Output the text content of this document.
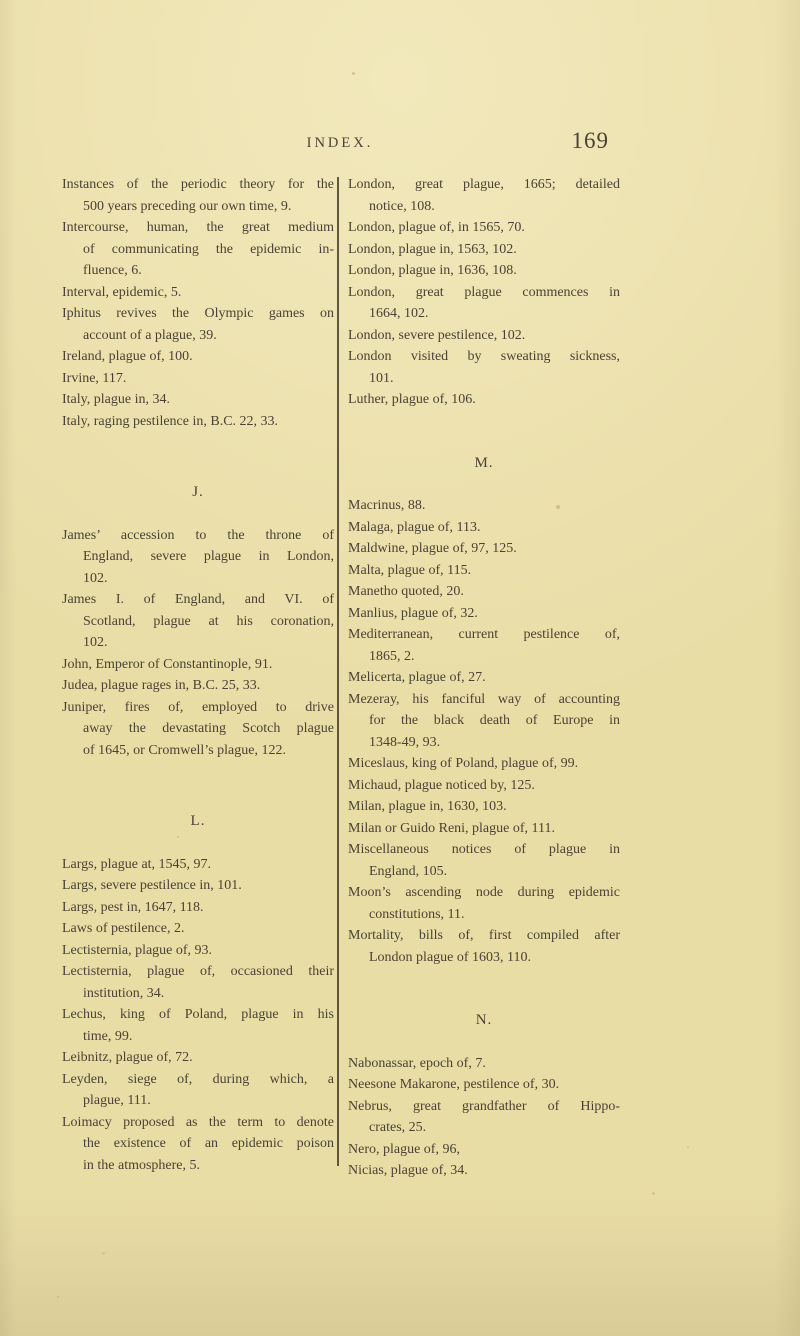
INDEX.	169
Instances of the periodic theory for the
500 years preceding our own time, 9.
Intercourse, human, the great medium
of communicating the epidemic in-
fluence, 6.
Interval, epidemic, 5.
Iphitus revives the Olympic games on
account of a plague, 39.
Ireland, plague of, 100.
Irvine, 117.
Italy, plague in, 34.
Italy, raging pestilence in, B.C. 22, 33.
J.
James’ accession to the throne of
England, severe plague in London,
102.
James I. of England, and VI. of
Scotland, plague at his coronation,
102.
John, Emperor of Constantinople, 91.
Judea, plague rages in, B.C. 25, 33.
Juniper, fires of, employed to drive
away the devastating Scotch plague
of 1645, or Cromwell’s plague, 122.
L.
Largs, plague at, 1545, 97.
Largs, severe pestilence in, 101.
Largs, pest in, 1647, 118.
Laws of pestilence, 2.
Lectisternia, plague of, 93.
Lectisternia, plague of, occasioned their
institution, 34.
Lechus, king of Poland, plague in his
time, 99.
Leibnitz, plague of, 72.
Leyden, siege of, during which, a
plague, 111.
Loimacy proposed as the term to denote
the existence of an epidemic poison
in the atmosphere, 5.
London, great plague, 1665; detailed
notice, 108.
London, plague of, in 1565, 70.
London, plague in, 1563, 102.
London, plague in, 1636, 108.
London, great plague commences in
1664, 102.
London, severe pestilence, 102.
London visited by sweating sickness,
101.
Luther, plague of, 106.
M.
Macrinus, 88.
Malaga, plague of, 113.
Maldwine, plague of, 97, 125.
Malta, plague of, 115.
Manetho quoted, 20.
Manlius, plague of, 32.
Mediterranean, current pestilence of,
1865, 2.
Melicerta, plague of, 27.
Mezeray, his fanciful way of accounting
for the black death of Europe in
1348-49, 93.
Miceslaus, king of Poland, plague of, 99.
Michaud, plague noticed by, 125.
Milan, plague in, 1630, 103.
Milan or Guido Reni, plague of, 111.
Miscellaneous notices of plague in
England, 105.
Moon’s ascending node during epidemic
constitutions, 11.
Mortality, bills of, first compiled after
London plague of 1603, 110.
N.
Nabonassar, epoch of, 7.
Neesone Makarone, pestilence of, 30.
Nebrus, great grandfather of Hippo-
crates, 25.
Nero, plague of, 96,
Nicias, plague of, 34.
